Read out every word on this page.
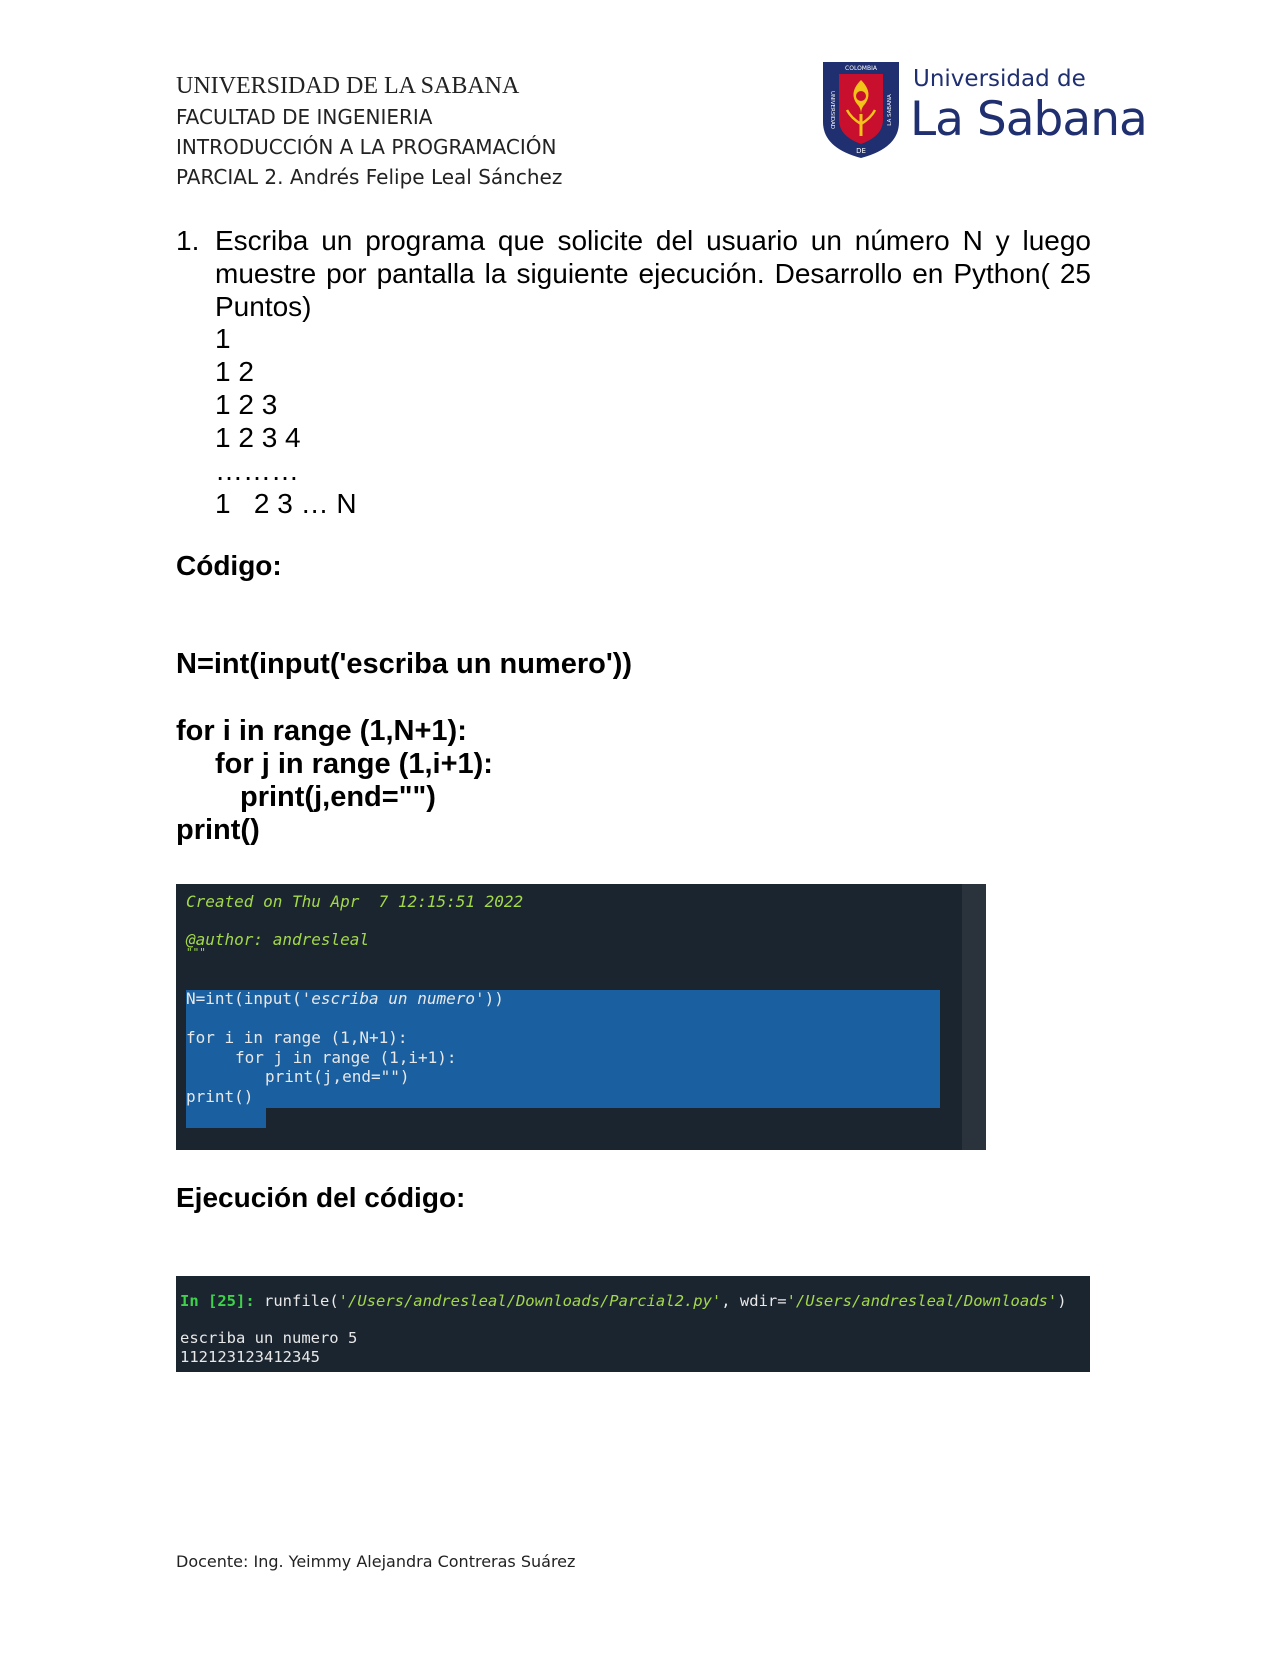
UNIVERSIDAD DE LA SABANA
FACULTAD DE INGENIERIA
INTRODUCCIÓN A LA PROGRAMACIÓN
PARCIAL 2. Andrés Felipe Leal Sánchez
COLOMBIA
DE
UNIVERSIDAD	LA SABANA
Universidad de
La Sabana
1. Escriba un programa que solicite del usuario un número N y luego muestre por pantalla la siguiente ejecución. Desarrollo en Python( 25 Puntos)
1
1 2
1 2 3
1 2 3 4
………
1   2 3 … N
Código:
N=int(input('escriba un numero'))
for i in range (1,N+1):
for j in range (1,i+1):
print(j,end="")
print()
Created on Thu Apr  7 12:15:51 2022
@author: andresleal
"""
N=int(input('escriba un numero'))
for i in range (1,N+1):
for j in range (1,i+1):
print(j,end="")
print()
Ejecución del código:
In [25]: runfile('/Users/andresleal/Downloads/Parcial2.py', wdir='/Users/andresleal/Downloads')
escriba un numero 5
112123123412345
Docente: Ing. Yeimmy Alejandra Contreras Suárez
